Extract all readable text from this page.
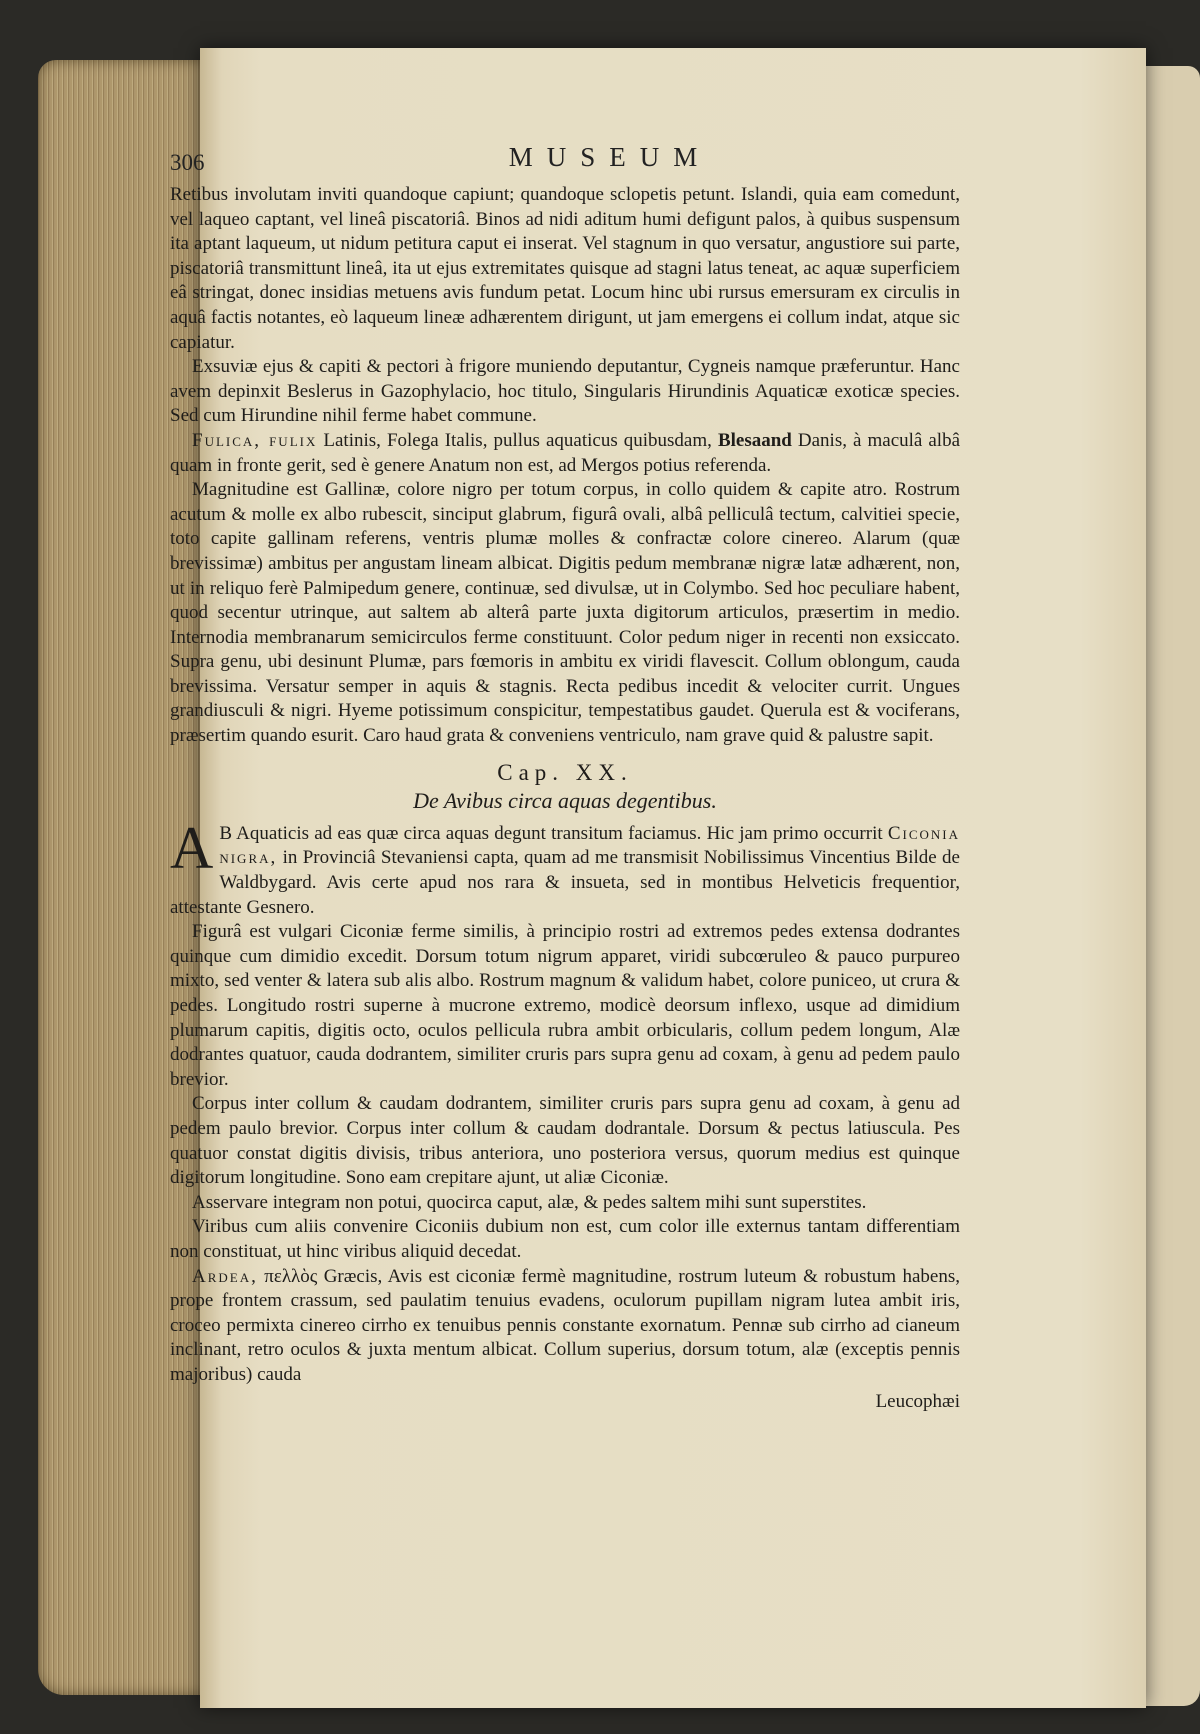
306	MUSEUM

Retibus involutam inviti quandoque capiunt; quandoque sclopetis petunt. Islandi, quia eam comedunt, vel laqueo captant, vel lineâ piscatoriâ. Binos ad nidi aditum humi defigunt palos, à quibus suspensum ita aptant laqueum, ut nidum petitura caput ei inserat. Vel stagnum in quo versatur, angustiore sui parte, piscatoriâ transmittunt lineâ, ita ut ejus extremitates quisque ad stagni latus teneat, ac aquæ superficiem eâ stringat, donec insidias metuens avis fundum petat. Locum hinc ubi rursus emersuram ex circulis in aquâ factis notantes, eò laqueum lineæ adhærentem dirigunt, ut jam emergens ei collum indat, atque sic capiatur.

Exsuviæ ejus & capiti & pectori à frigore muniendo deputantur, Cygneis namque præferuntur. Hanc avem depinxit Beslerus in Gazophylacio, hoc titulo, Singularis Hirundinis Aquaticæ exoticæ species. Sed cum Hirundine nihil ferme habet commune.

Fulica, fulix Latinis, Folega Italis, pullus aquaticus quibusdam, Blesaand Danis, à maculâ albâ quam in fronte gerit, sed è genere Anatum non est, ad Mergos potius referenda.

Magnitudine est Gallinæ, colore nigro per totum corpus, in collo quidem & capite atro. Rostrum acutum & molle ex albo rubescit, sinciput glabrum, figurâ ovali, albâ pelliculâ tectum, calvitiei specie, toto capite gallinam referens, ventris plumæ molles & confractæ colore cinereo. Alarum (quæ brevissimæ) ambitus per angustam lineam albicat. Digitis pedum membranæ nigræ latæ adhærent, non, ut in reliquo ferè Palmipedum genere, continuæ, sed divulsæ, ut in Colymbo. Sed hoc peculiare habent, quod secentur utrinque, aut saltem ab alterâ parte juxta digitorum articulos, præsertim in medio. Internodia membranarum semicirculos ferme constituunt. Color pedum niger in recenti non exsiccato. Supra genu, ubi desinunt Plumæ, pars fœmoris in ambitu ex viridi flavescit. Collum oblongum, cauda brevissima. Versatur semper in aquis & stagnis. Recta pedibus incedit & velociter currit. Ungues grandiusculi & nigri. Hyeme potissimum conspicitur, tempestatibus gaudet. Querula est & vociferans, præsertim quando esurit. Caro haud grata & conveniens ventriculo, nam grave quid & palustre sapit.

Cap. XX.

De Avibus circa aquas degentibus.

A B Aquaticis ad eas quæ circa aquas degunt transitum faciamus. Hic jam primo occurrit Ciconia nigra, in Provinciâ Stevaniensi capta, quam ad me transmisit Nobilissimus Vincentius Bilde de Waldbygard. Avis certe apud nos rara & insueta, sed in montibus Helveticis frequentior, attestante Gesnero.

Figurâ est vulgari Ciconiæ ferme similis, à principio rostri ad extremos pedes extensa dodrantes quinque cum dimidio excedit. Dorsum totum nigrum apparet, viridi subcœruleo & pauco purpureo mixto, sed venter & latera sub alis albo. Rostrum magnum & validum habet, colore puniceo, ut crura & pedes. Longitudo rostri superne à mucrone extremo, modicè deorsum inflexo, usque ad dimidium plumarum capitis, digitis octo, oculos pellicula rubra ambit orbicularis, collum pedem longum, Alæ dodrantes quatuor, cauda dodrantem, similiter cruris pars supra genu ad coxam, à genu ad pedem paulo brevior.

Corpus inter collum & caudam dodrantem, similiter cruris pars supra genu ad coxam, à genu ad pedem paulo brevior. Corpus inter collum & caudam dodrantale. Dorsum & pectus latiuscula. Pes quatuor constat digitis divisis, tribus anteriora, uno posteriora versus, quorum medius est quinque digitorum longitudine. Sono eam crepitare ajunt, ut aliæ Ciconiæ.

Asservare integram non potui, quocirca caput, alæ, & pedes saltem mihi sunt superstites.

Viribus cum aliis convenire Ciconiis dubium non est, cum color ille externus tantam differentiam non constituat, ut hinc viribus aliquid decedat.

Ardea, πελλὸς Græcis, Avis est ciconiæ fermè magnitudine, rostrum luteum & robustum habens, prope frontem crassum, sed paulatim tenuius evadens, oculorum pupillam nigram lutea ambit iris, croceo permixta cinereo cirrho ex tenuibus pennis constante exornatum. Pennæ sub cirrho ad cianeum inclinant, retro oculos & juxta mentum albicat. Collum superius, dorsum totum, alæ (exceptis pennis majoribus) cauda

Leucophæi
